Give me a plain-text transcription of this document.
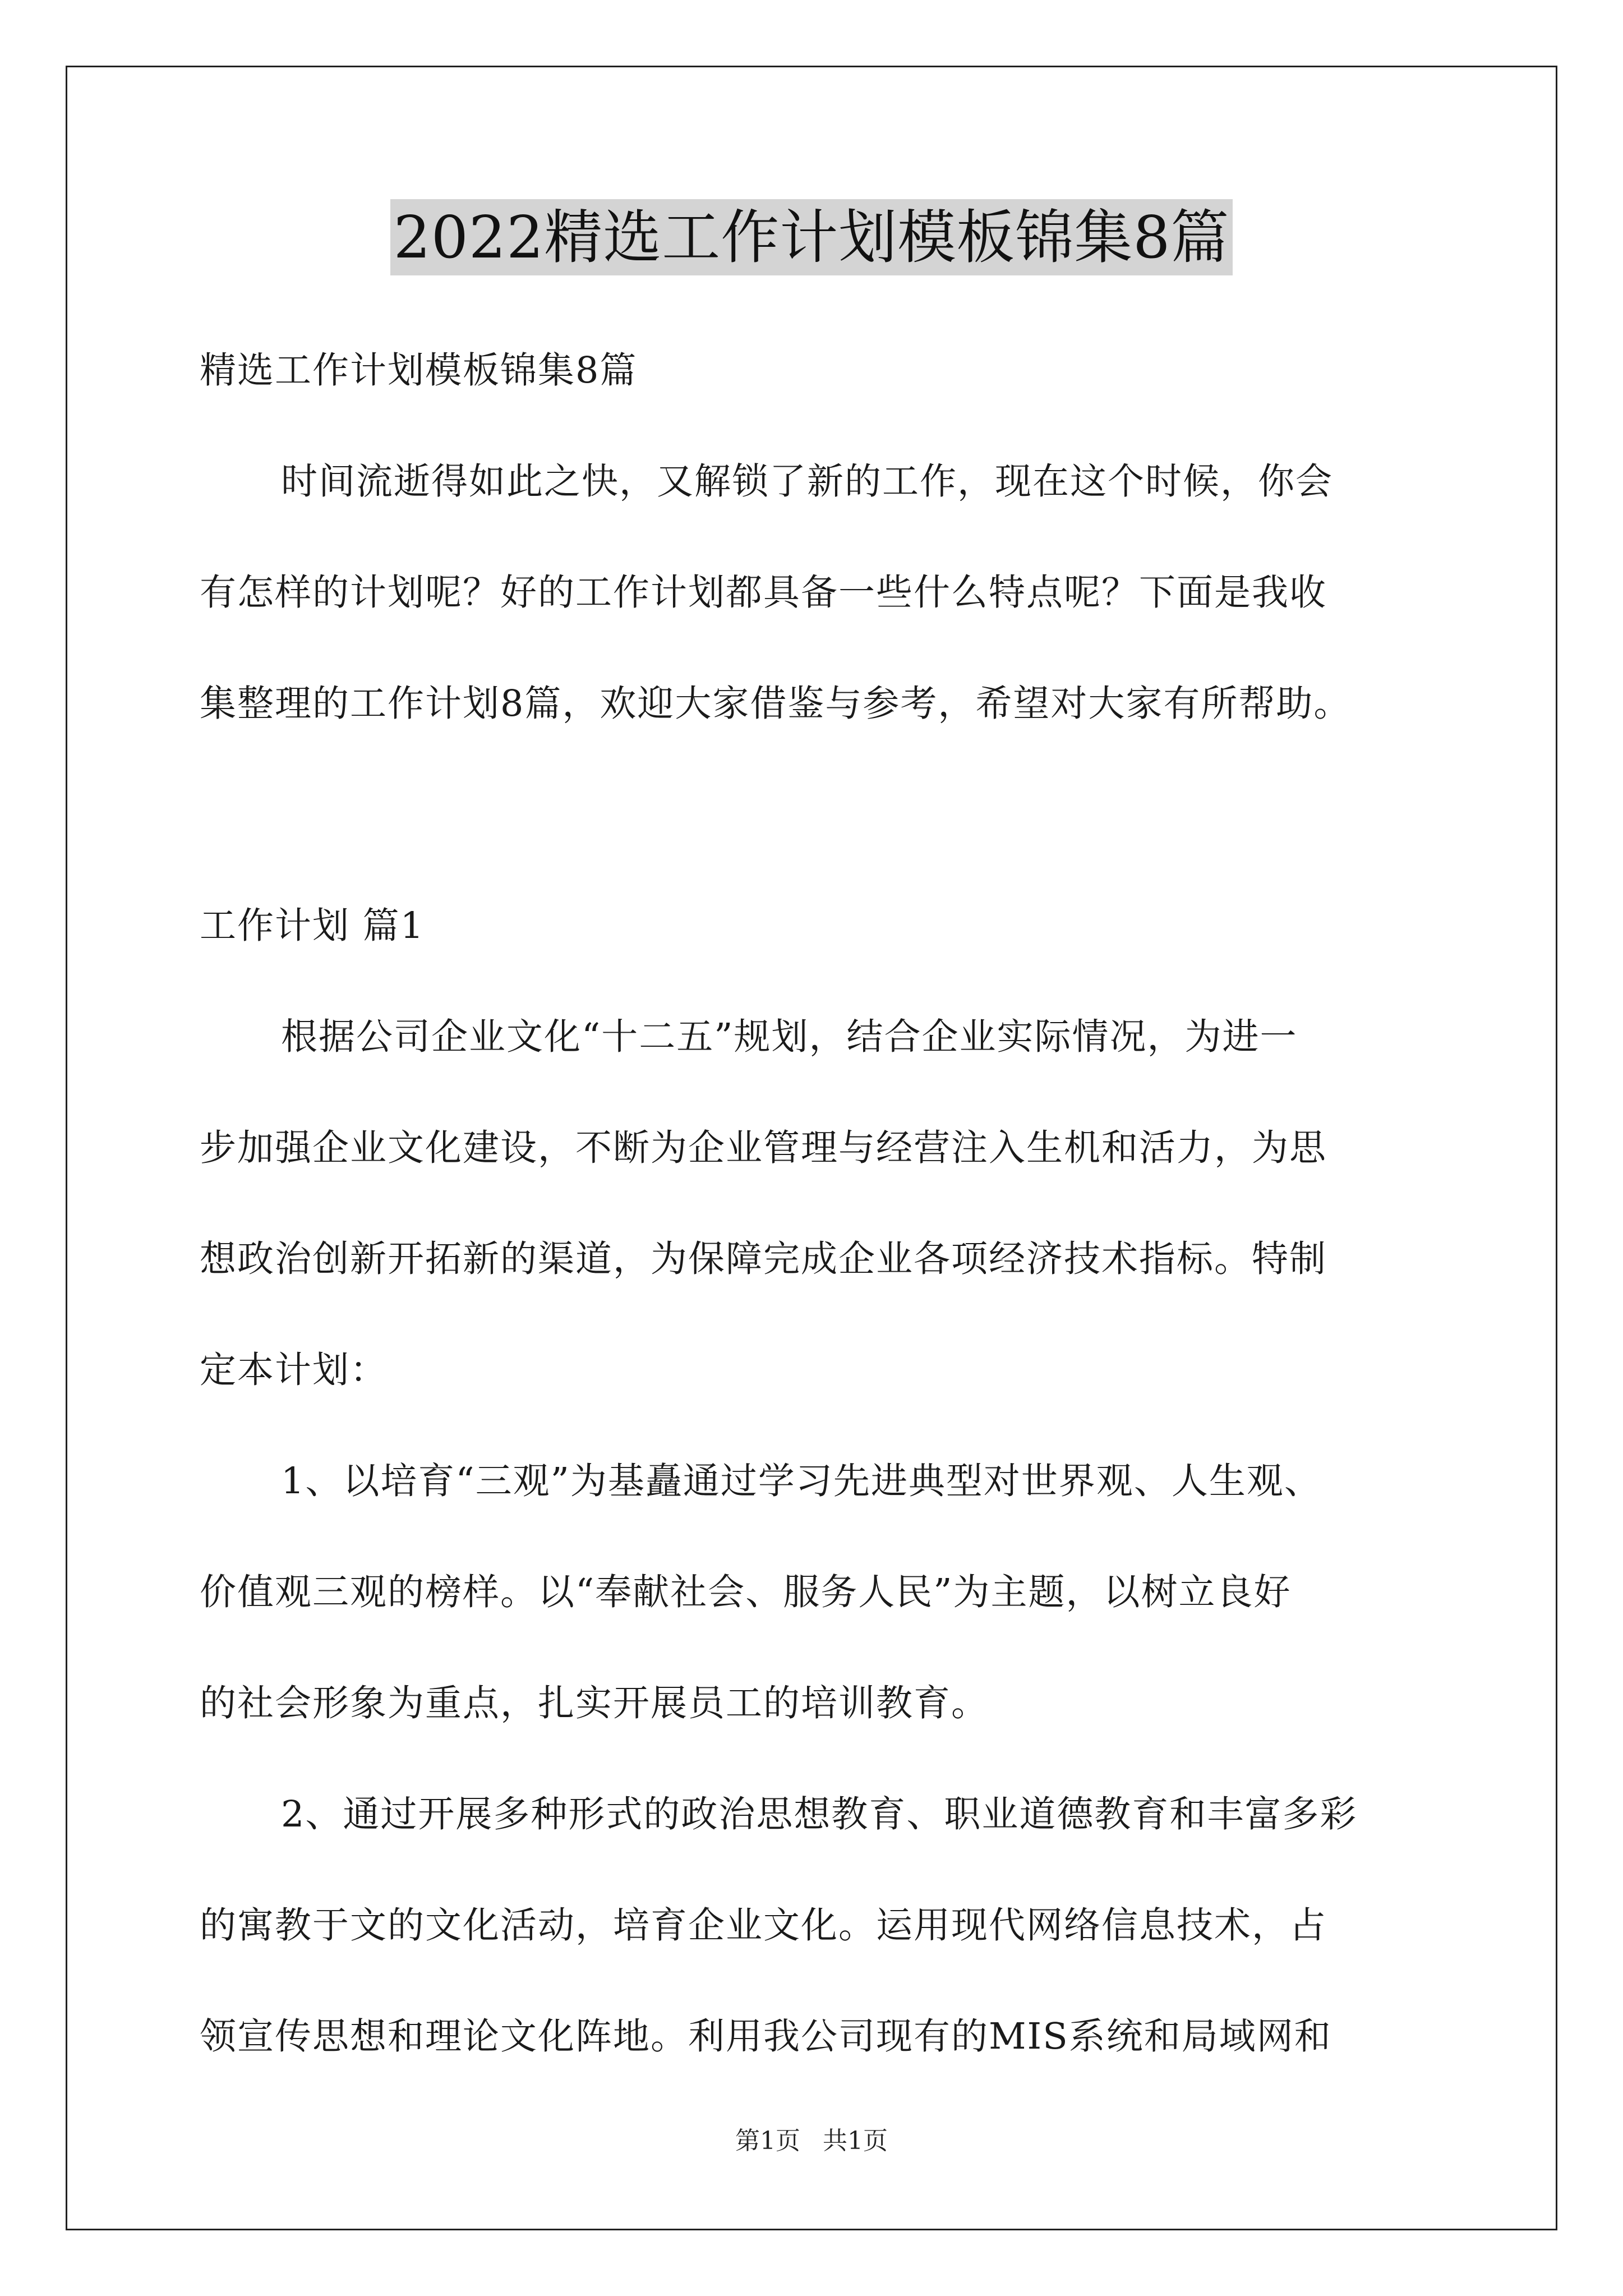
2022精选工作计划模板锦集8篇
精选工作计划模板锦集8篇
时间流逝得如此之快，又解锁了新的工作，现在这个时候，你会
有怎样的计划呢？好的工作计划都具备一些什么特点呢？下面是我收
集整理的工作计划8篇，欢迎大家借鉴与参考，希望对大家有所帮助。
工作计划 篇1
根据公司企业文化“十二五”规划，结合企业实际情况，为进一
步加强企业文化建设，不断为企业管理与经营注入生机和活力，为思
想政治创新开拓新的渠道，为保障完成企业各项经济技术指标。特制
定本计划：
1、以培育“三观”为基矗通过学习先进典型对世界观、人生观、
价值观三观的榜样。以“奉献社会、服务人民”为主题，以树立良好
的社会形象为重点，扎实开展员工的培训教育。
2、通过开展多种形式的政治思想教育、职业道德教育和丰富多彩
的寓教于文的文化活动，培育企业文化。运用现代网络信息技术，占
领宣传思想和理论文化阵地。利用我公司现有的MIS系统和局域网和
第1页 共1页
